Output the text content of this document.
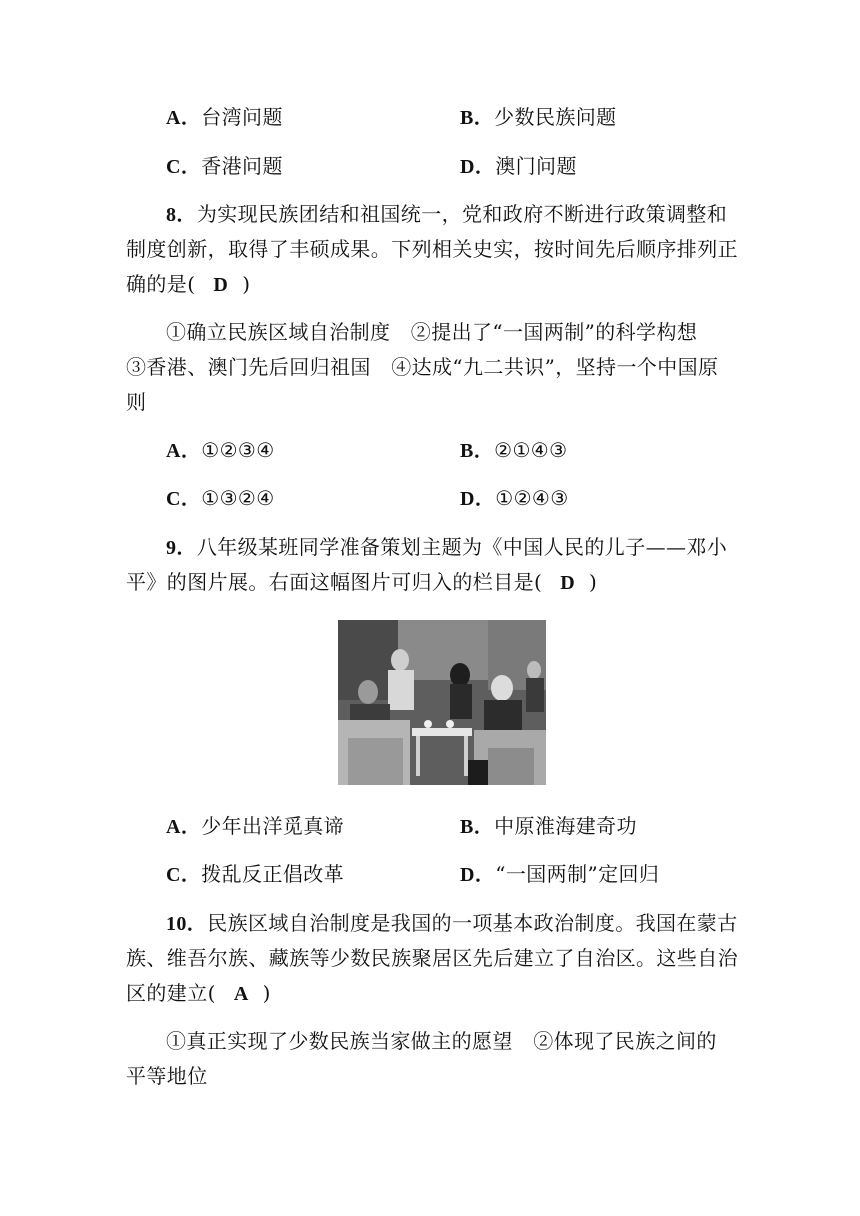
A．台湾问题	B．少数民族问题
C．香港问题	D．澳门问题
8．为实现民族团结和祖国统一，党和政府不断进行政策调整和
制度创新，取得了丰硕成果。下列相关史实，按时间先后顺序排列正
确的是( D )
①确立民族区域自治制度　②提出了“一国两制”的科学构想
③香港、澳门先后回归祖国　④达成“九二共识”，坚持一个中国原
则
A．①②③④	B．②①④③
C．①③②④	D．①②④③
9．八年级某班同学准备策划主题为《中国人民的儿子——邓小
平》的图片展。右面这幅图片可归入的栏目是( D )
A．少年出洋觅真谛	B．中原淮海建奇功
C．拨乱反正倡改革	D．“一国两制”定回归
10．民族区域自治制度是我国的一项基本政治制度。我国在蒙古
族、维吾尔族、藏族等少数民族聚居区先后建立了自治区。这些自治
区的建立( A )
①真正实现了少数民族当家做主的愿望　②体现了民族之间的
平等地位
